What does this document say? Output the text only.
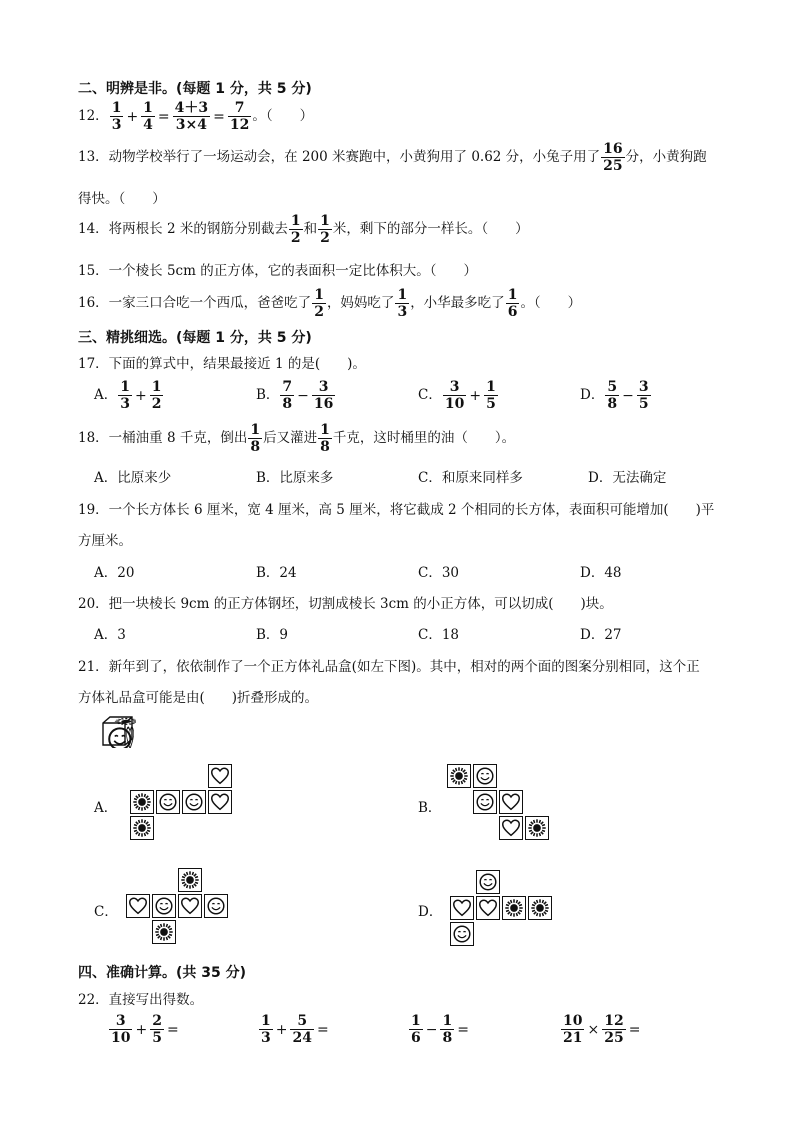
二、明辨是非。(每题 1 分，共 5 分)
12． $\frac{1}{3} + \frac{1}{4} = \frac{4+3}{3\times 4} = \frac{7}{12}$ 。（　　）
13．动物学校举行了一场运动会，在 200 米赛跑中，小黄狗用了 0.62 分，小兔子用了 $\frac{16}{25}$ 分，小黄狗跑
得快。（　　）
14．将两根长 2 米的钢筋分别截去 $\frac{1}{2}$ 和 $\frac{1}{2}$ 米，剩下的部分一样长。（　　）
15．一个棱长 5cm 的正方体，它的表面积一定比体积大。（　　）
16．一家三口合吃一个西瓜，爸爸吃了 $\frac{1}{2}$ ，妈妈吃了 $\frac{1}{3}$ ，小华最多吃了 $\frac{1}{6}$ 。（　　）
三、精挑细选。(每题 1 分，共 5 分)
17．下面的算式中，结果最接近 1 的是(　　)。
A． $\frac{1}{3} + \frac{1}{2}$	B． $\frac{7}{8} - \frac{3}{16}$	C． $\frac{3}{10} + \frac{1}{5}$	D． $\frac{5}{8} - \frac{3}{5}$
18．一桶油重 8 千克，倒出 $\frac{1}{8}$ 后又灌进 $\frac{1}{8}$ 千克，这时桶里的油（　　）。
A．比原来少	B．比原来多	C．和原来同样多	D．无法确定
19．一个长方体长 6 厘米，宽 4 厘米，高 5 厘米，将它截成 2 个相同的长方体，表面积可能增加(　　)平
方厘米。
A．20	B．24	C．30	D．48
20．把一块棱长 9cm 的正方体钢坯，切割成棱长 3cm 的小正方体，可以切成(　　)块。
A．3	B．9	C．18	D．27
21．新年到了，依依制作了一个正方体礼品盒(如左下图)。其中，相对的两个面的图案分别相同，这个正
方体礼品盒可能是由(　　)折叠形成的。
A．	B．
C．	D．
四、准确计算。(共 35 分)
22．直接写出得数。
$\frac{3}{10} + \frac{2}{5}$ =	$\frac{1}{3} + \frac{5}{24}$ =	$\frac{1}{6} - \frac{1}{8}$ =	$\frac{10}{21} \times \frac{12}{25}$ =
